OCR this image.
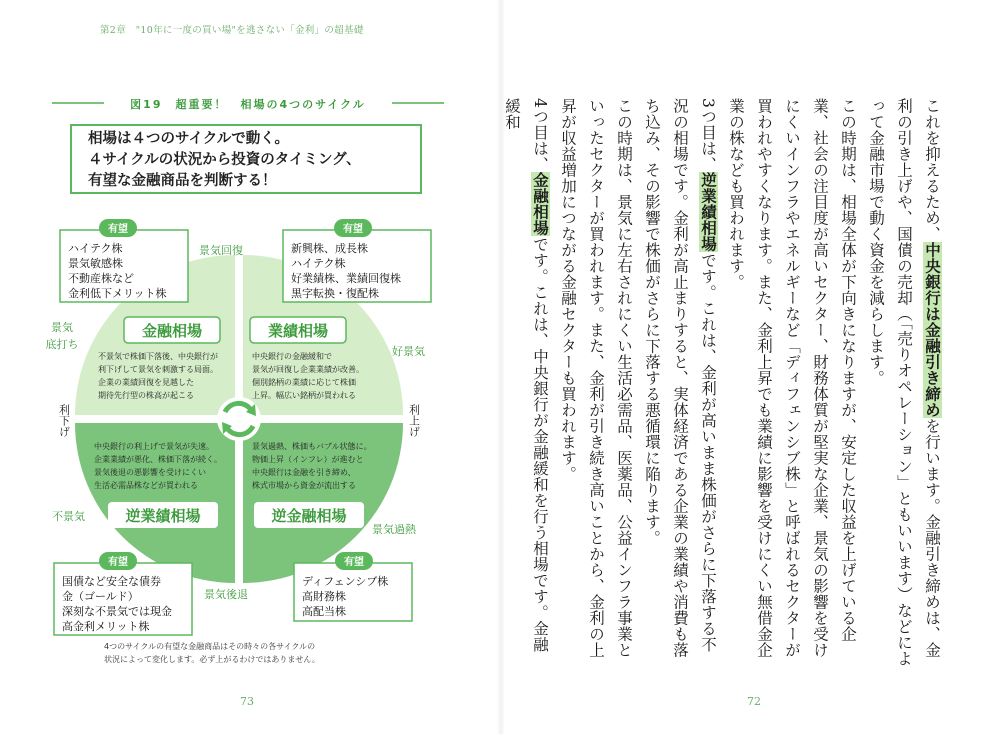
第2章　"10年に一度の買い場"を逃さない「金利」の超基礎
図19　超重要！　相場の4つのサイクル
相場は４つのサイクルで動く。
４サイクルの状況から投資のタイミング、
有望な金融商品を判断する！
金融相場	業績相場
逆業績相場	逆金融相場
不景気で株価下落後、中央銀行が
利下げして景気を刺激する局面。
企業の業績回復を見越した
期待先行型の株高が起こる
中央銀行の金融緩和で
景気が回復し企業業績が改善。
個別銘柄の業績に応じて株価
上昇。幅広い銘柄が買われる
中央銀行の利上げで景気が失速。
企業業績が悪化、株価下落が続く。
景気後退の悪影響を受けにくい
生活必需品株などが買われる
景気過熱、株価もバブル状態に。
物価上昇（インフレ）が進むと
中央銀行は金融を引き締め、
株式市場から資金が流出する
有望
ハイテク株
景気敏感株
不動産株など
金利低下メリット株
有望
新興株、成長株
ハイテク株
好業績株、業績回復株
黒字転換・復配株
有望
国債など安全な債券
金（ゴールド）
深刻な不景気では現金
高金利メリット株
有望
ディフェンシブ株
高財務株
高配当株
景気回復
好景気
景気過熱
景気後退
不景気
景気
底打ち
利上げ
利下げ
4つのサイクルの有望な金融商品はその時々の各サイクルの
状況によって変化します。必ず上がるわけではありません。
73	72

これを抑えるため、中央銀行は金融引き締めを行います。金融引き締めは、金利の引き上げや、国債の売却（「売りオペレーション」ともいいます）などによって金融市場で動く資金を減らします。

この時期は、相場全体が下向きになりますが、安定した収益を上げている企業、社会の注目度が高いセクター、財務体質が堅実な企業、景気の影響を受けにくいインフラやエネルギーなど「ディフェンシブ株」と呼ばれるセクターが買われやすくなります。また、金利上昇でも業績に影響を受けにくい無借金企業の株なども買われます。

3つ目は、逆業績相場です。これは、金利が高いまま株価がさらに下落する不況の相場です。金利が高止まりすると、実体経済である企業の業績や消費も落ち込み、その影響で株価がさらに下落する悪循環に陥ります。

この時期は、景気に左右されにくい生活必需品、医薬品、公益インフラ事業といったセクターが買われます。また、金利が引き続き高いことから、金利の上昇が収益増加につながる金融セクターも買われます。

4つ目は、金融相場です。これは、中央銀行が金融緩和を行う相場です。金融緩和
